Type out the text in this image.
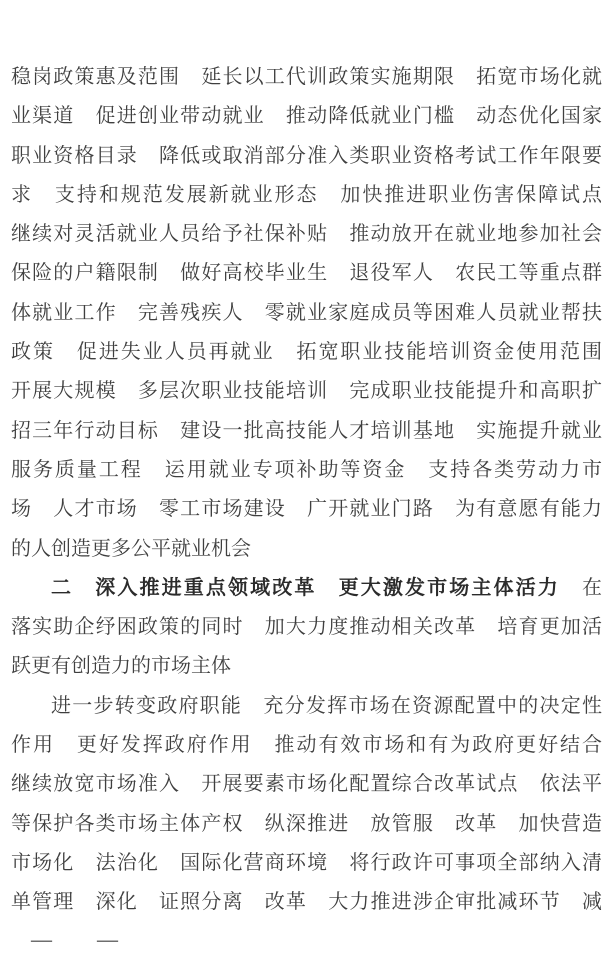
稳岗政策惠及范围　延长以工代训政策实施期限　拓宽市场化就
业渠道　促进创业带动就业　推动降低就业门槛　动态优化国家
职业资格目录　降低或取消部分准入类职业资格考试工作年限要
求　支持和规范发展新就业形态　加快推进职业伤害保障试点
继续对灵活就业人员给予社保补贴　推动放开在就业地参加社会
保险的户籍限制　做好高校毕业生　退役军人　农民工等重点群
体就业工作　完善残疾人　零就业家庭成员等困难人员就业帮扶
政策　促进失业人员再就业　拓宽职业技能培训资金使用范围
开展大规模　多层次职业技能培训　完成职业技能提升和高职扩
招三年行动目标　建设一批高技能人才培训基地　实施提升就业
服务质量工程　运用就业专项补助等资金　支持各类劳动力市
场　人才市场　零工市场建设　广开就业门路　为有意愿有能力
的人创造更多公平就业机会
二　深入推进重点领域改革　更大激发市场主体活力　在
落实助企纾困政策的同时　加大力度推动相关改革　培育更加活
跃更有创造力的市场主体
进一步转变政府职能　充分发挥市场在资源配置中的决定性
作用　更好发挥政府作用　推动有效市场和有为政府更好结合
继续放宽市场准入　开展要素市场化配置综合改革试点　依法平
等保护各类市场主体产权　纵深推进　放管服　改革　加快营造
市场化　法治化　国际化营商环境　将行政许可事项全部纳入清
单管理　深化　证照分离　改革　大力推进涉企审批减环节　减
— —
